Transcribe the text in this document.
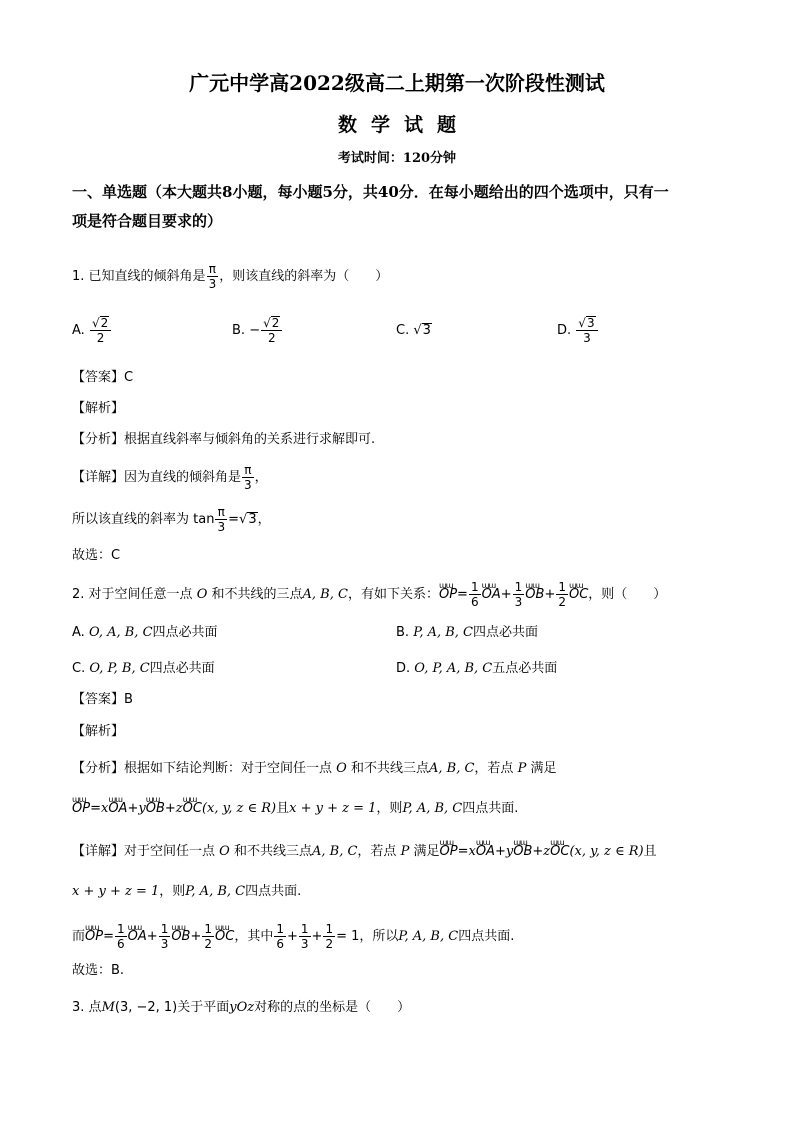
广元中学高2022级高二上期第一次阶段性测试
数学试题
考试时间：120分钟
一、单选题（本大题共8小题，每小题5分，共40分．在每小题给出的四个选项中，只有一
项是符合题目要求的）
1. 已知直线的倾斜角是 $\frac{\pi}{3}$ ，则该直线的斜率为（　　）
A. $\frac{√2}{2}$	B. − $\frac{√2}{2}$	C. √3	D. $\frac{√3}{3}$
【答案】C
【解析】
【分析】根据直线斜率与倾斜角的关系进行求解即可.
【详解】因为直线的倾斜角是 $\frac{\pi}{3}$ ，
所以该直线的斜率为 $\tan \frac{\pi}{3} =√3$，
故选：C
2. 对于空间任意一点 O 和不共线的三点A, B, C，有如下关系：ɯɯ $OP= \frac{1}{6}$ ɯɯ $OA+ \frac{1}{3}$ ɯɯ $OB+ \frac{1}{2}$ ɯɯ OC，则（　　）
A. O, A, B, C四点必共面	B. P, A, B, C四点必共面
C. O, P, B, C四点必共面	D. O, P, A, B, C五点必共面
【答案】B
【解析】
【分析】根据如下结论判断：对于空间任一点 O 和不共线三点A, B, C，若点 P 满足
ɯɯ OP=xɯɯ OA+yɯɯ OB+zɯɯ OC(x, y, z ∈ R)且x + y + z = 1，则P, A, B, C四点共面.
【详解】对于空间任一点 O 和不共线三点A, B, C，若点 P 满足ɯɯ OP=xɯɯ OA+yɯɯ OB+zɯɯ OC(x, y, z ∈ R)且
x + y + z = 1，则P, A, B, C四点共面.
而ɯɯ $OP= \frac{1}{6}$ ɯɯ $OA+ \frac{1}{3}$ ɯɯ $OB+ \frac{1}{2}$ ɯɯ OC，其中 $\frac{1}{6} + \frac{1}{3} + \frac{1}{2} = 1$，所以P, A, B, C四点共面.
故选：B.
3. 点M(3, −2, 1)关于平面yOz对称的点的坐标是（　　）
